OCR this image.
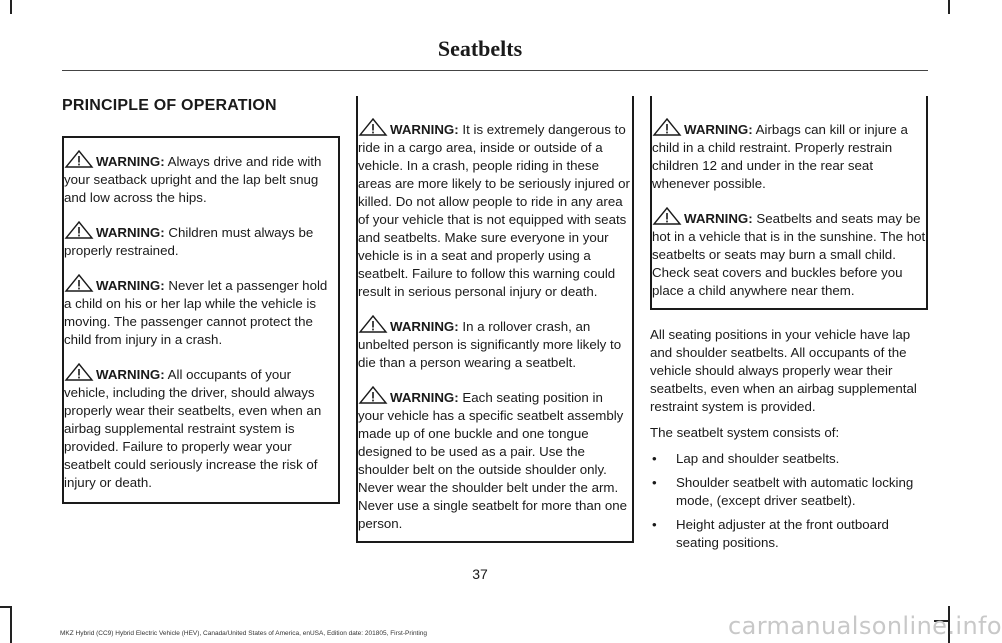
Seatbelts
PRINCIPLE OF OPERATION
WARNING: Always drive and ride with your seatback upright and the lap belt snug and low across the hips.
WARNING: Children must always be properly restrained.
WARNING: Never let a passenger hold a child on his or her lap while the vehicle is moving. The passenger cannot protect the child from injury in a crash.
WARNING: All occupants of your vehicle, including the driver, should always properly wear their seatbelts, even when an airbag supplemental restraint system is provided. Failure to properly wear your seatbelt could seriously increase the risk of injury or death.
WARNING: It is extremely dangerous to ride in a cargo area, inside or outside of a vehicle. In a crash, people riding in these areas are more likely to be seriously injured or killed. Do not allow people to ride in any area of your vehicle that is not equipped with seats and seatbelts. Make sure everyone in your vehicle is in a seat and properly using a seatbelt. Failure to follow this warning could result in serious personal injury or death.
WARNING: In a rollover crash, an unbelted person is significantly more likely to die than a person wearing a seatbelt.
WARNING: Each seating position in your vehicle has a specific seatbelt assembly made up of one buckle and one tongue designed to be used as a pair. Use the shoulder belt on the outside shoulder only. Never wear the shoulder belt under the arm. Never use a single seatbelt for more than one person.
WARNING: Airbags can kill or injure a child in a child restraint. Properly restrain children 12 and under in the rear seat whenever possible.
WARNING: Seatbelts and seats may be hot in a vehicle that is in the sunshine. The hot seatbelts or seats may burn a small child. Check seat covers and buckles before you place a child anywhere near them.
All seating positions in your vehicle have lap and shoulder seatbelts. All occupants of the vehicle should always properly wear their seatbelts, even when an airbag supplemental restraint system is provided.
The seatbelt system consists of:
• Lap and shoulder seatbelts.
• Shoulder seatbelt with automatic locking mode, (except driver seatbelt).
• Height adjuster at the front outboard seating positions.
37
MKZ Hybrid (CC9) Hybrid Electric Vehicle (HEV), Canada/United States of America, enUSA, Edition date: 201805, First-Printing	carmanualsonline.info
